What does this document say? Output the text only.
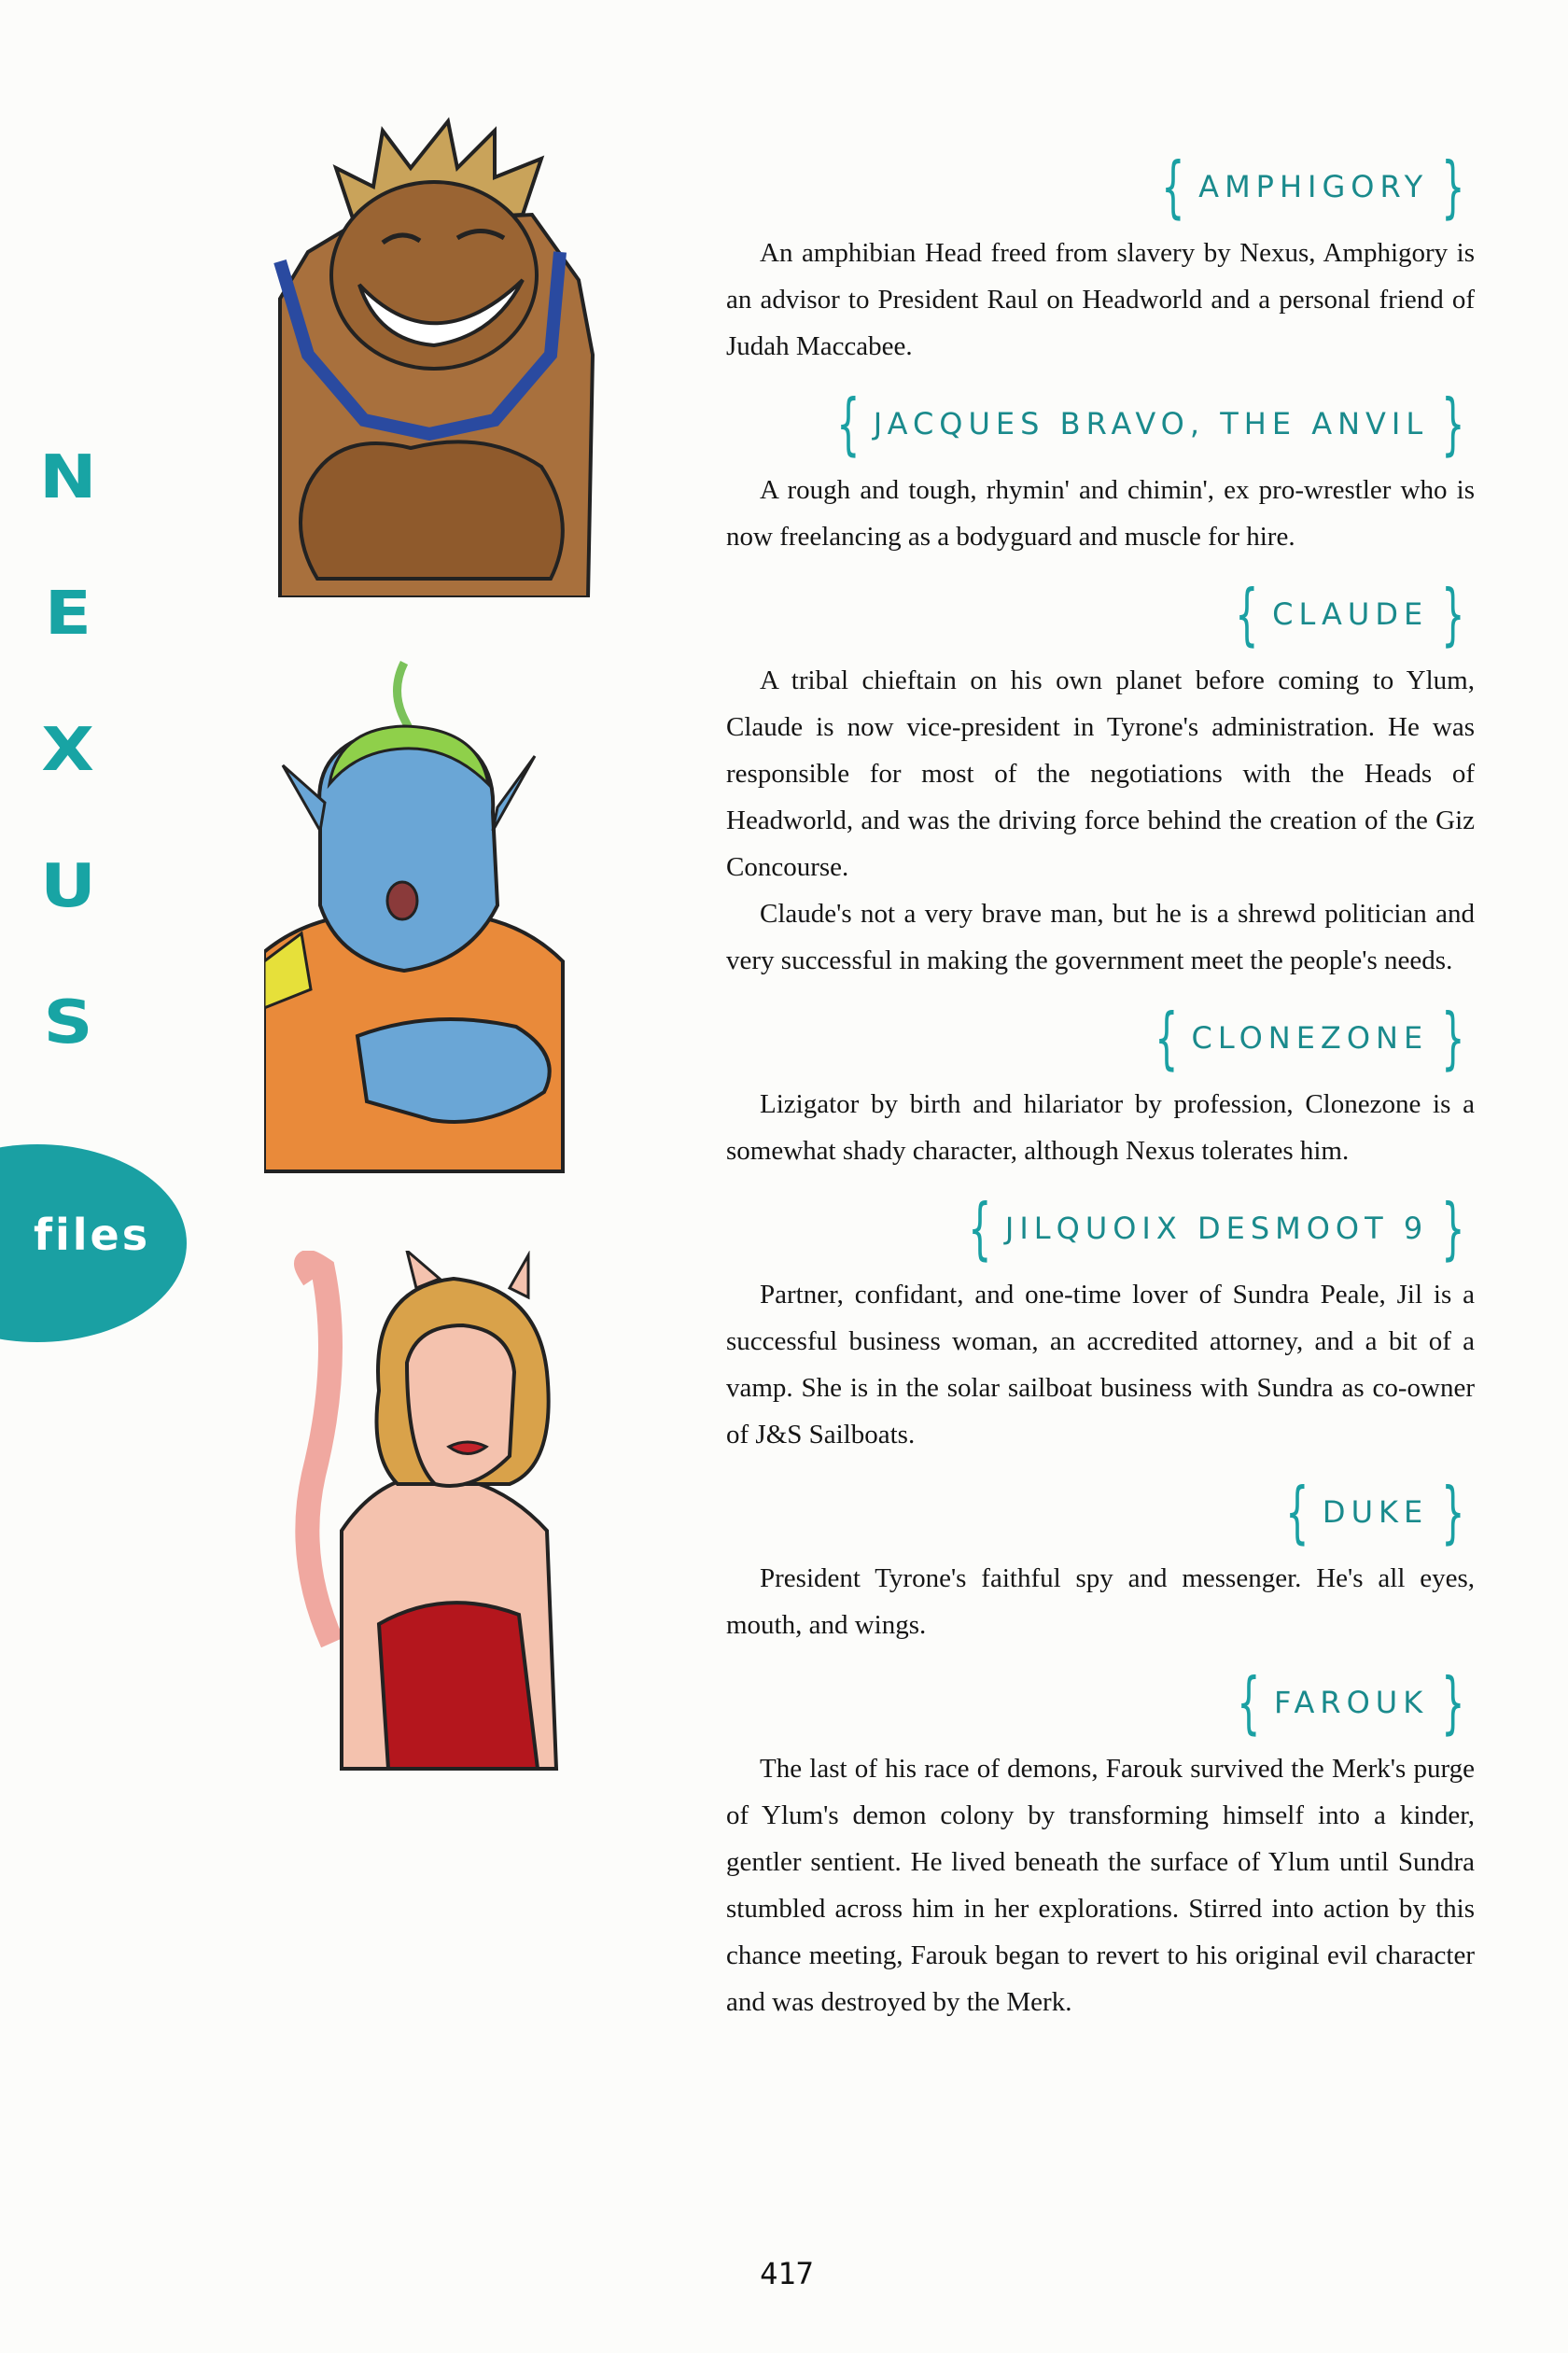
N
E
X
U
S
files
{ AMPHIGORY }

An amphibian Head freed from slavery by Nexus, Amphigory is an advisor to President Raul on Headworld and a personal friend of Judah Maccabee.

{ JACQUES BRAVO, THE ANVIL }

A rough and tough, rhymin' and chimin', ex pro-wrestler who is now freelancing as a bodyguard and muscle for hire.

{ CLAUDE }

A tribal chieftain on his own planet before coming to Ylum, Claude is now vice-president in Tyrone's administration. He was responsible for most of the negotiations with the Heads of Headworld, and was the driving force behind the creation of the Giz Concourse.

Claude's not a very brave man, but he is a shrewd politician and very successful in making the government meet the people's needs.

{ CLONEZONE }

Lizigator by birth and hilariator by profession, Clonezone is a somewhat shady character, although Nexus tolerates him.

{ JILQUOIX DESMOOT 9 }

Partner, confidant, and one-time lover of Sundra Peale, Jil is a successful business woman, an accredited attorney, and a bit of a vamp. She is in the solar sailboat business with Sundra as co-owner of J&S Sailboats.

{ DUKE }

President Tyrone's faithful spy and messenger. He's all eyes, mouth, and wings.

{ FAROUK }

The last of his race of demons, Farouk survived the Merk's purge of Ylum's demon colony by transforming himself into a kinder, gentler sentient. He lived beneath the surface of Ylum until Sundra stumbled across him in her explorations. Stirred into action by this chance meeting, Farouk began to revert to his original evil character and was destroyed by the Merk.

417
